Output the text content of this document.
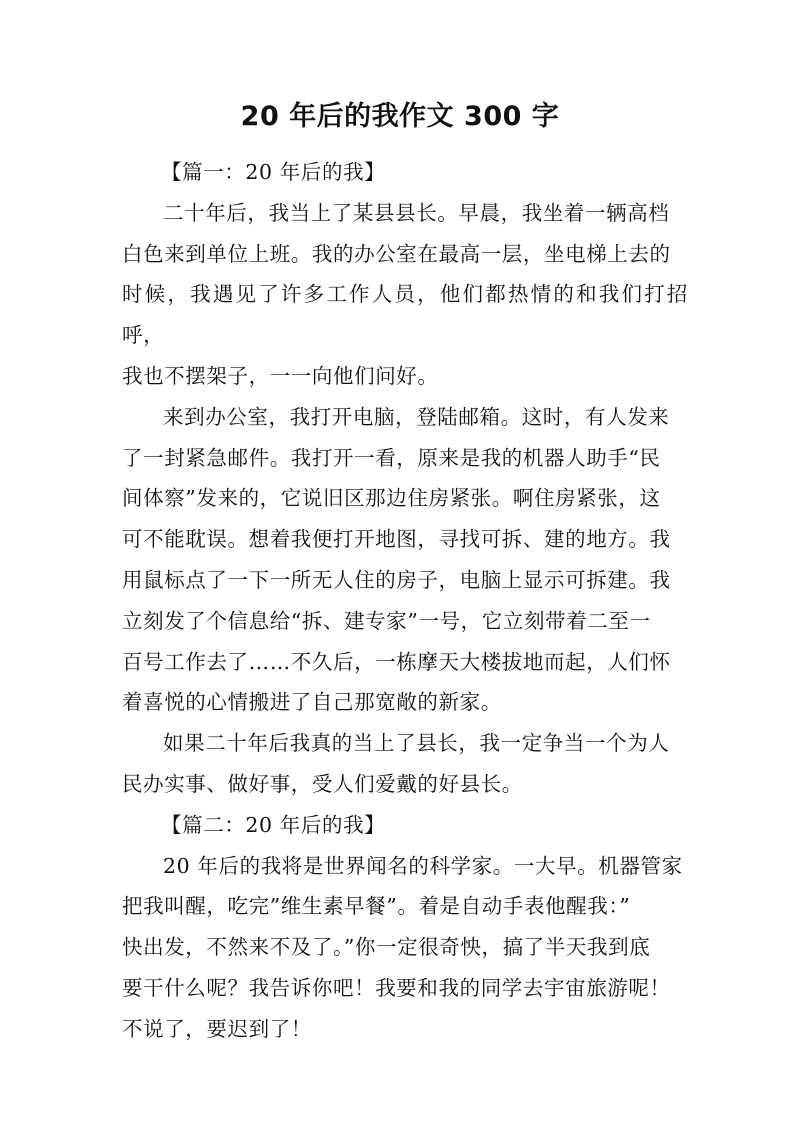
20 年后的我作文 300 字

【篇一：20 年后的我】

二十年后，我当上了某县县长。早晨，我坐着一辆高档
白色来到单位上班。我的办公室在最高一层，坐电梯上去的
时候，我遇见了许多工作人员，他们都热情的和我们打招呼，
我也不摆架子，一一向他们问好。

来到办公室，我打开电脑，登陆邮箱。这时，有人发来
了一封紧急邮件。我打开一看，原来是我的机器人助手“民
间体察”发来的，它说旧区那边住房紧张。啊住房紧张，这
可不能耽误。想着我便打开地图，寻找可拆、建的地方。我
用鼠标点了一下一所无人住的房子，电脑上显示可拆建。我
立刻发了个信息给“拆、建专家”一号，它立刻带着二至一
百号工作去了……不久后，一栋摩天大楼拔地而起，人们怀
着喜悦的心情搬进了自己那宽敞的新家。

如果二十年后我真的当上了县长，我一定争当一个为人
民办实事、做好事，受人们爱戴的好县长。

【篇二：20 年后的我】

20 年后的我将是世界闻名的科学家。一大早。机器管家
把我叫醒，吃完”维生素早餐”。着是自动手表他醒我：”
快出发，不然来不及了。”你一定很奇怏，搞了半天我到底
要干什么呢？我告诉你吧！我要和我的同学去宇宙旅游呢！
不说了，要迟到了！
